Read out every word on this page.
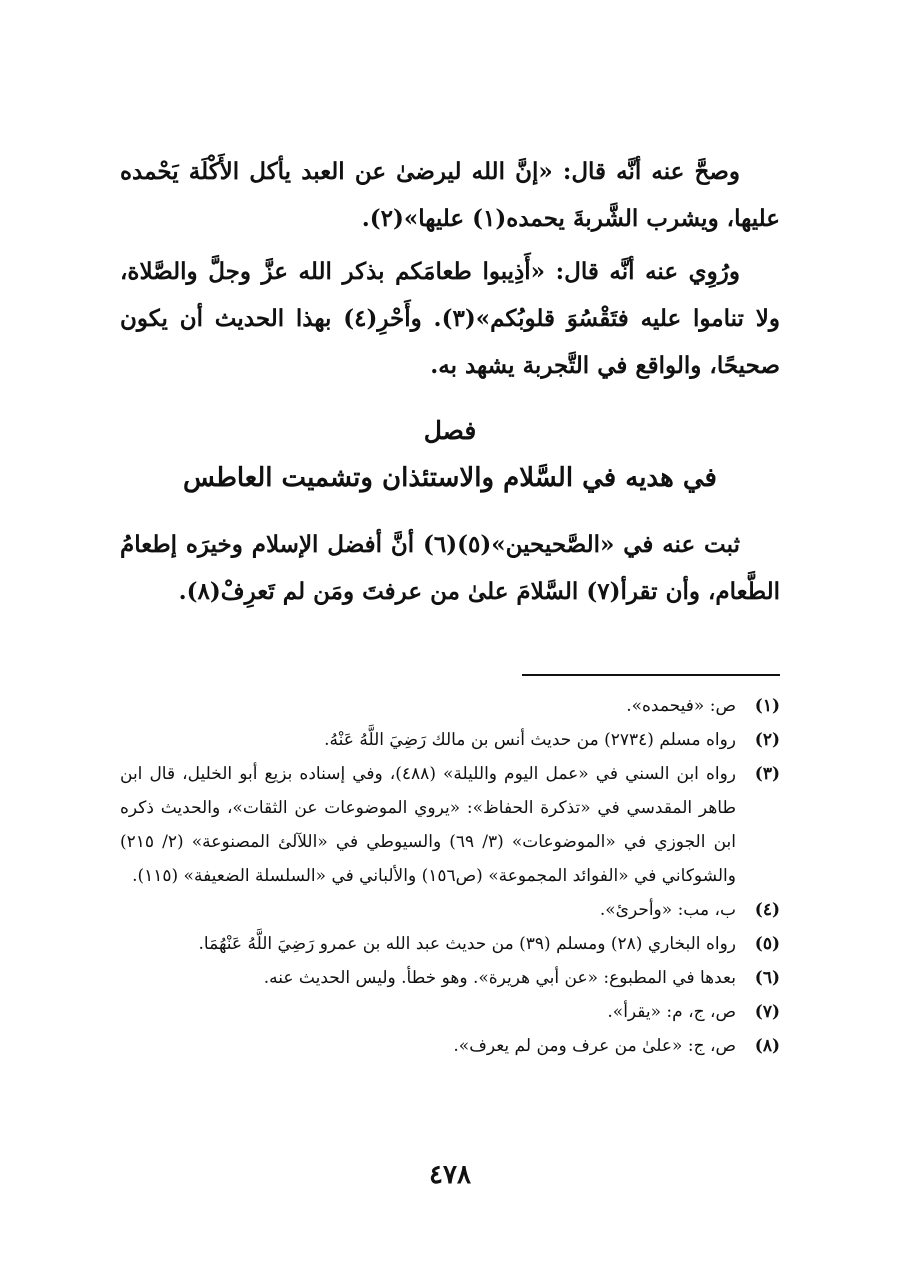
وصحَّ عنه أنَّه قال: «إنَّ الله ليرضىٰ عن العبد يأكل الأَكْلَة يَحْمده عليها، ويشرب الشَّربةَ يحمده(١) عليها»(٢).

ورُوِي عنه أنَّه قال: «أَذِيبوا طعامَكم بذكر الله عزَّ وجلَّ والصَّلاة، ولا تناموا عليه فتَقْسُوَ قلوبُكم»(٣). وأَحْرِ(٤) بهذا الحديث أن يكون صحيحًا، والواقع في التَّجربة يشهد به.

فصل
في هديه في السَّلام والاستئذان وتشميت العاطس

ثبت عنه في «الصَّحيحين»(٥)(٦) أنَّ أفضل الإسلام وخيرَه إطعامُ الطَّعام، وأن تقرأ(٧) السَّلامَ علىٰ من عرفتَ ومَن لم تَعرِفْ(٨).

(١)
ص: «فيحمده».
(٢)
رواه مسلم (٢٧٣٤) من حديث أنس بن مالك رَضِيَ اللَّهُ عَنْهُ.
(٣)
رواه ابن السني في «عمل اليوم والليلة» (٤٨٨)، وفي إسناده بزيع أبو الخليل، قال ابن طاهر المقدسي في «تذكرة الحفاظ»: «يروي الموضوعات عن الثقات»، والحديث ذكره ابن الجوزي في «الموضوعات» (٣/ ٦٩) والسيوطي في «اللآلئ المصنوعة» (٢/ ٢١٥) والشوكاني في «الفوائد المجموعة» (ص١٥٦) والألباني في «السلسلة الضعيفة» (١١٥).
(٤)
ب، مب: «وأحرئ».
(٥)
رواه البخاري (٢٨) ومسلم (٣٩) من حديث عبد الله بن عمرو رَضِيَ اللَّهُ عَنْهُمَا.
(٦)
بعدها في المطبوع: «عن أبي هريرة». وهو خطأ. وليس الحديث عنه.
(٧)
ص، ج، م: «يقرأ».
(٨)
ص، ج: «علىٰ من عرف ومن لم يعرف».
٤٧٨
